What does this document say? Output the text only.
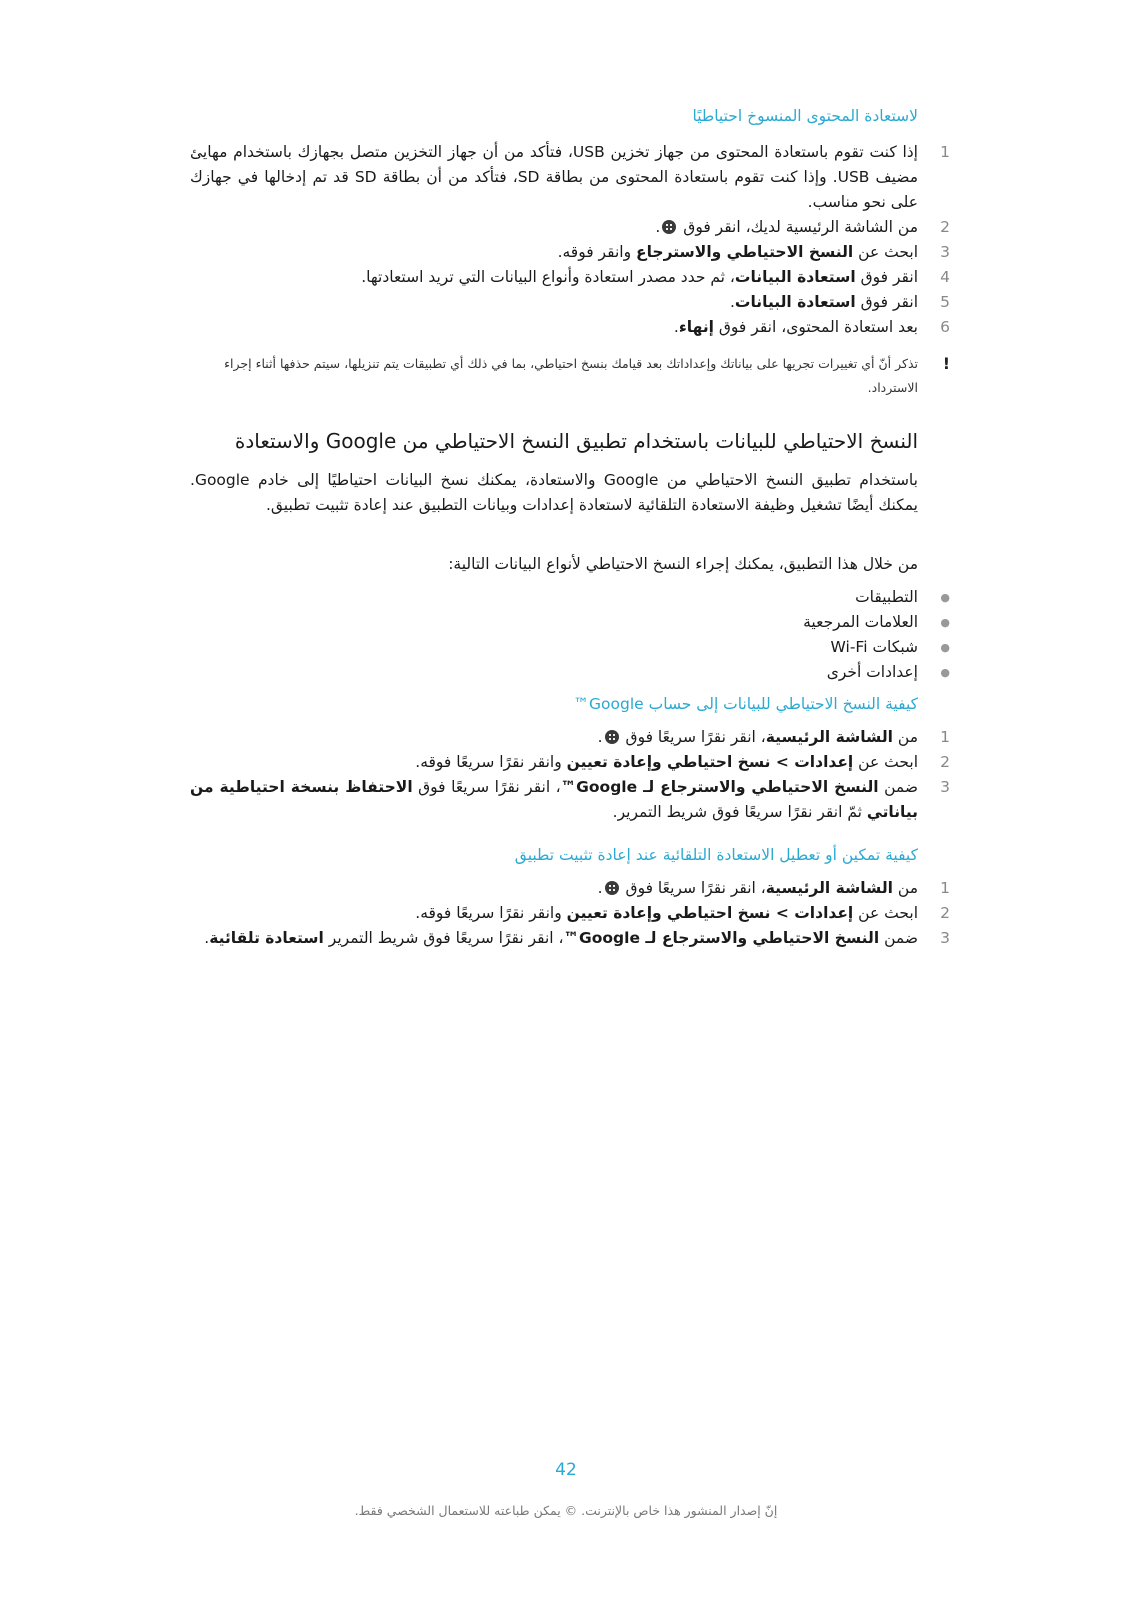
لاستعادة المحتوى المنسوخ احتياطيًا

1
إذا كنت تقوم باستعادة المحتوى من جهاز تخزين USB، فتأكد من أن جهاز التخزين متصل بجهازك باستخدام مهايئ مضيف USB. وإذا كنت تقوم باستعادة المحتوى من بطاقة SD، فتأكد من أن بطاقة SD قد تم إدخالها في جهازك على نحو مناسب.
2
من الشاشة الرئيسية لديك، انقر فوق .
3
ابحث عن النسخ الاحتياطي والاسترجاع وانقر فوقه.
4
انقر فوق استعادة البيانات، ثم حدد مصدر استعادة وأنواع البيانات التي تريد استعادتها.
5
انقر فوق استعادة البيانات.
6
بعد استعادة المحتوى، انقر فوق إنهاء.
!
تذكر أنّ أي تغييرات تجريها على بياناتك وإعداداتك بعد قيامك بنسخ احتياطي، بما في ذلك أي تطبيقات يتم تنزيلها، سيتم حذفها أثناء إجراء الاسترداد.
النسخ الاحتياطي للبيانات باستخدام تطبيق النسخ الاحتياطي من Google والاستعادة

باستخدام تطبيق النسخ الاحتياطي من Google والاستعادة، يمكنك نسخ البيانات احتياطيًا إلى خادم Google. يمكنك أيضًا تشغيل وظيفة الاستعادة التلقائية لاستعادة إعدادات وبيانات التطبيق عند إعادة تثبيت تطبيق.

من خلال هذا التطبيق، يمكنك إجراء النسخ الاحتياطي لأنواع البيانات التالية:

●
التطبيقات
●
العلامات المرجعية
●
شبكات Wi-Fi
●
إعدادات أخرى

كيفية النسخ الاحتياطي للبيانات إلى حساب Google™

1
من الشاشة الرئيسية، انقر نقرًا سريعًا فوق .
2
ابحث عن إعدادات > نسخ احتياطي وإعادة تعيين وانقر نقرًا سريعًا فوقه.
3
ضمن النسخ الاحتياطي والاسترجاع لـ Google™، انقر نقرًا سريعًا فوق الاحتفاظ بنسخة احتياطية من بياناتي ثمّ انقر نقرًا سريعًا فوق شريط التمرير.

كيفية تمكين أو تعطيل الاستعادة التلقائية عند إعادة تثبيت تطبيق

1
من الشاشة الرئيسية، انقر نقرًا سريعًا فوق .
2
ابحث عن إعدادات > نسخ احتياطي وإعادة تعيين وانقر نقرًا سريعًا فوقه.
3
ضمن النسخ الاحتياطي والاسترجاع لـ Google™، انقر نقرًا سريعًا فوق شريط التمرير استعادة تلقائية.

42

إنّ إصدار المنشور هذا خاص بالإنترنت. © يمكن طباعته للاستعمال الشخصي فقط.
